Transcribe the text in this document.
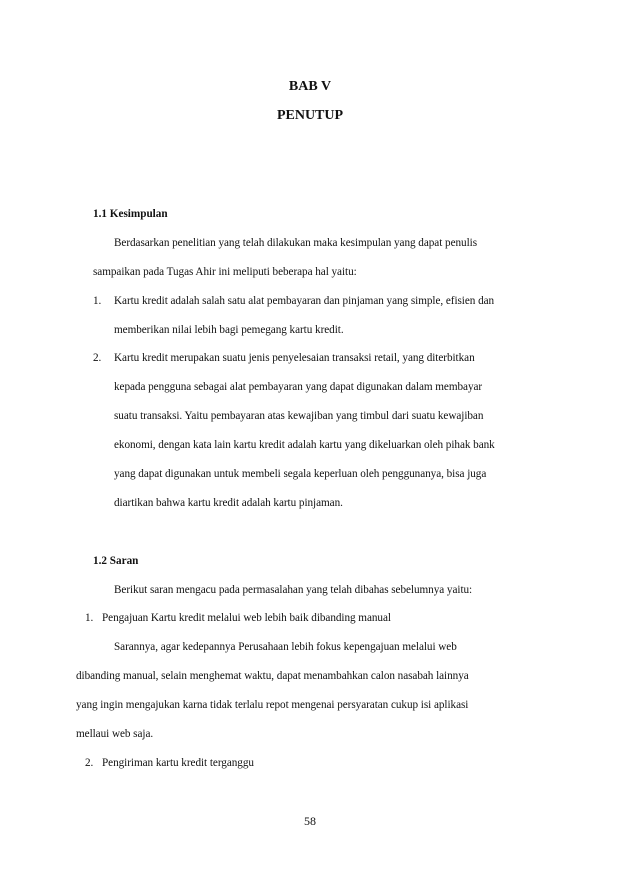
BAB V
PENUTUP
1.1 Kesimpulan
Berdasarkan penelitian yang telah dilakukan maka kesimpulan yang dapat penulis
sampaikan pada Tugas Ahir ini meliputi beberapa hal yaitu:
1. Kartu kredit adalah salah satu alat pembayaran dan pinjaman yang simple, efisien dan
memberikan nilai lebih bagi pemegang kartu kredit.
2. Kartu kredit merupakan suatu jenis penyelesaian transaksi retail, yang diterbitkan
kepada pengguna sebagai alat pembayaran yang dapat digunakan dalam membayar
suatu transaksi. Yaitu pembayaran atas kewajiban yang timbul dari suatu kewajiban
ekonomi, dengan kata lain kartu kredit adalah kartu yang dikeluarkan oleh pihak bank
yang dapat digunakan untuk membeli segala keperluan oleh penggunanya, bisa juga
diartikan bahwa kartu kredit adalah kartu pinjaman.
1.2 Saran
Berikut saran mengacu pada permasalahan yang telah dibahas sebelumnya yaitu:
1. Pengajuan Kartu kredit melalui web lebih baik dibanding manual
Sarannya, agar kedepannya Perusahaan lebih fokus kepengajuan melalui web
dibanding manual, selain menghemat waktu, dapat menambahkan calon nasabah lainnya
yang ingin mengajukan karna tidak terlalu repot mengenai persyaratan cukup isi aplikasi
mellaui web saja.
2. Pengiriman kartu kredit terganggu
58
